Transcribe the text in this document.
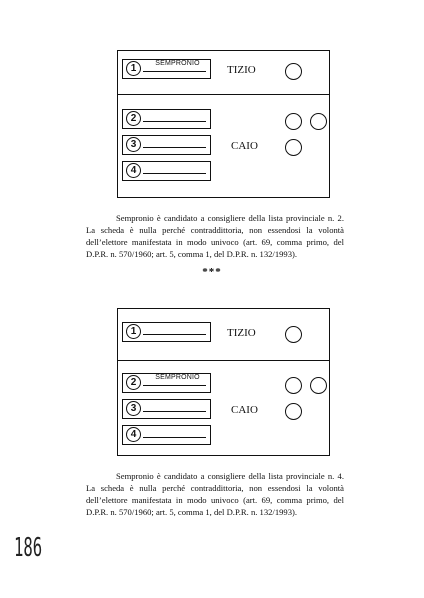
1	SEMPRONIO
TIZIO
2
3
4
CAIO
Sempronio è candidato a consigliere della lista provinciale n. 2. La scheda è nulla perché contraddittoria, non essendosi la volontà dell’elettore manifestata in modo univoco (art. 69, comma primo, del D.P.R. n. 570/1960; art. 5, comma 1, del D.P.R. n. 132/1993).
***
1	TIZIO
2	SEMPRONIO
3
4
CAIO
Sempronio è candidato a consigliere della lista provinciale n. 4. La scheda è nulla perché contraddittoria, non essendosi la volontà dell’elettore manifestata in modo univoco (art. 69, comma primo, del D.P.R. n. 570/1960; art. 5, comma 1, del D.P.R. n. 132/1993).
186
